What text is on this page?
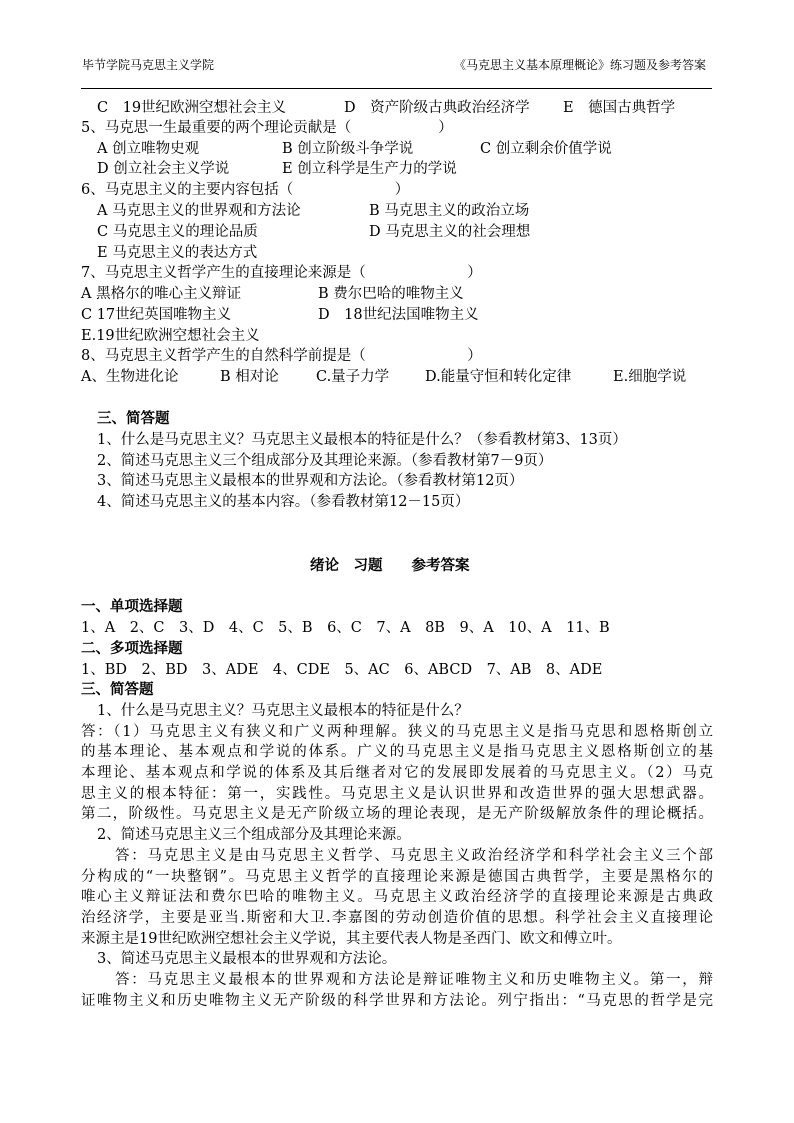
毕节学院马克思主义学院	《马克思主义基本原理概论》练习题及参考答案
C　19世纪欧洲空想社会主义	D　资产阶级古典政治经济学 E　德国古典哲学
5、马克思一生最重要的两个理论贡献是（　　　　　　）
A 创立唯物史观	B 创立阶级斗争学说	C 创立剩余价值学说
D 创立社会主义学说	E 创立科学是生产力的学说
6、马克思主义的主要内容包括（　　　　　　　）
A 马克思主义的世界观和方法论	B 马克思主义的政治立场
C 马克思主义的理论品质	D 马克思主义的社会理想
E 马克思主义的表达方式
7、马克思主义哲学产生的直接理论来源是（　　　　　　　）
A 黑格尔的唯心主义辩证	B 费尔巴哈的唯物主义
C 17世纪英国唯物主义	D　18世纪法国唯物主义
E.19世纪欧洲空想社会主义
8、马克思主义哲学产生的自然科学前提是（　　　　　　　）
A、生物进化论	B 相对论	C.量子力学 D.能量守恒和转化定律	E.细胞学说
三、简答题
1、什么是马克思主义？马克思主义最根本的特征是什么？（参看教材第3、13页）
2、简述马克思主义三个组成部分及其理论来源。（参看教材第7－9页）
3、简述马克思主义最根本的世界观和方法论。（参看教材第12页）
4、简述马克思主义的基本内容。（参看教材第12－15页）
绪论　习题　　参考答案
一、单项选择题
1、A　2、C　3、D　4、C　5、B　6、C　7、A　8B　9、A　10、A　11、B
二、多项选择题
1、BD　2、BD　3、ADE　4、CDE　5、AC　6、ABCD　7、AB　8、ADE
三、简答题
1、什么是马克思主义？马克思主义最根本的特征是什么？
答：（1）马克思主义有狭义和广义两种理解。狭义的马克思主义是指马克思和恩格斯创立
的基本理论、基本观点和学说的体系。广义的马克思主义是指马克思主义恩格斯创立的基
本理论、基本观点和学说的体系及其后继者对它的发展即发展着的马克思主义。（2）马克
思主义的根本特征：第一，实践性。马克思主义是认识世界和改造世界的强大思想武器。
第二，阶级性。马克思主义是无产阶级立场的理论表现，是无产阶级解放条件的理论概括。
2、简述马克思主义三个组成部分及其理论来源。
答：马克思主义是由马克思主义哲学、马克思主义政治经济学和科学社会主义三个部
分构成的“一块整钢”。马克思主义哲学的直接理论来源是德国古典哲学，主要是黑格尔的
唯心主义辩证法和费尔巴哈的唯物主义。马克思主义政治经济学的直接理论来源是古典政
治经济学，主要是亚当.斯密和大卫.李嘉图的劳动创造价值的思想。科学社会主义直接理论
来源主是19世纪欧洲空想社会主义学说，其主要代表人物是圣西门、欧文和傅立叶。
3、简述马克思主义最根本的世界观和方法论。
答：马克思主义最根本的世界观和方法论是辩证唯物主义和历史唯物主义。第一，辩
证唯物主义和历史唯物主义无产阶级的科学世界和方法论。列宁指出：“马克思的哲学是完
